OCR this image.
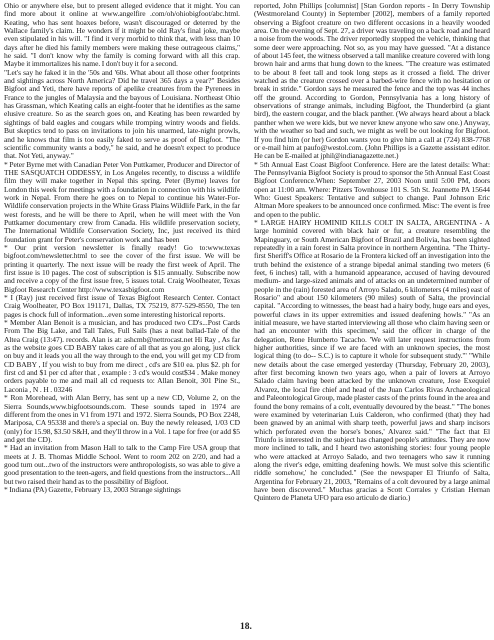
Ohio or anywhere else, but to present alleged evidence that it might. You can find more about it online at www.angelfire .com/oh/ohiobigfoot/abc.html. Keating, who has sent hoaxes before, wasn't discouraged or deterred by the Wallace family's claim. He wonders if it might be old Ray's final joke, maybe even stipulated in his will. "I find it very morbid to think that, with less than 10 days after he died his family members were making these outrageous claims," he said. "I don't know why the family is coming forward with all this crap. Maybe it immortalizes his name. I don't buy it for a second.

"Let's say he faked it in the '50s and '60s. What about all those other footprints and sightings across North America? Did he travel 365 days a year?" Besides Bigfoot and Yeti, there have reports of apelike creatures from the Pyrenees in France to the jungles of Malaysia and the bayous of Louisiana. Northeast Ohio has Grassman, which Keating calls an eight-footer that he identifies as the same elusive creature. So as the search goes on, and Keating has been rewarded by sightings of bald eagles and cougars while tromping wintry woods and fields. But skeptics tend to pass on invitations to join his unarmed, late-night prowls, and he knows that film is too easily faked to serve as proof of Bigfoot. "The scientific community wants a body," he said, and he doesn't expect to produce that. Not Yeti, anyway."

* Peter Byrne met with Canadian Peter Von Puttkamer, Producer and Director of THE SASQUATCH ODDESSY, in Los Angeles recently, to discuss a wildlife film they will make together in Nepal this spring. Peter (Byrne) leaves for London this week for meetings with a foundation in connection with his wildlife work in Nepal. From there he goes on to Nepal to continue his Water-For-Wildlife conservation projects in the White Grass Plains Wildlife Park, in the far west forests, and he will be there to April, when he will meet with the Von Puttkamer documentary crew from Canada. His wildlife preservation society, The International Wildlife Conservation Society, Inc, just received its third foundation grant for Peter's conservation work and has been

* Our print version newsletter is finally ready! Go to:www.texas bigfoot.com/newsletter.html to see the cover of the first issue. We will be printing it quarterly. The next issue will be ready the first week of April. The first issue is 10 pages. The cost of subscription is $15 annually. Subscribe now and receive a copy of the first issue free, 5 issues total. Craig Woolheater, Texas Bigfoot Research Center http://www.texasbigfoot.com

* I (Ray) just received first issue of Texas Bigfoot Research Center. Contact Craig Woolheater, PO Box 191171, Dallas, TX 75219, 877-529-8550, The ten pages is chock full of information...even some interesting historical reports.

* Member Alan Benoit is a musician, and has produced two CD's...Post Cards From The Big Lake, and Tall Tales, Full Sails (has a neat ballad-Tale of the Altea Craig (13:47). records. Alan is at: ashcmb@nettrocast.net Hi Ray , As far as the website goes CD BABY takes care of all that as you go along, just click on buy and it leads you all the way through to the end, you will get my CD from CD BABY , If you wish to buy from me direct , cd's are $10 ea. plus $2. ph for first cd and $1 per cd after that , example : 3 cd's would cost$34 . Make money orders payable to me and mail all cd requests to: Allan Benoit, 301 Pine St., Laconia , N . H . 03246

* Ron Morehead, with Alan Berry, has sent up a new CD, Volume 2, on the Sierra Sounds,www.bigfootsounds.com. These sounds taped in 1974 are different from the ones in V1 from 1971 and 1972. Sierra Sounds, PO Box 2248, Mariposa, CA 95338 and there's a special on. Buy the newly released, 1/03 CD (only) for 15.98, $3.50 S&H, and they'll throw in a Vol. 1 tape for free (or add $5 and get the CD).

* Had an invitation from Mason Hall to talk to the Camp Fire USA group that meets at J. B. Thomas Middle School. Went to room 202 on 2/20, and had a good turn out...two of the instructors were anthropologists, so was able to give a good presentation to the teen-agers, and field questions from the instructors...All but two raised their hand as to the possibility of Bigfoot.

* Indiana (PA) Gazette, February 13, 2003 Strange sightings

18.

reported, John Phillips [columnist] [Stan Gordon reports - In Derry Township (Westmoreland County) in September [2002], members of a family reported observing a Bigfoot creature on two different occasions in a heavily wooded area. On the evening of Sept. 27, a driver was traveling on a back road and heard a noise from the woods. The driver reportedly stopped the vehicle, thinking that some deer were approaching. Not so, as you may have guessed. "At a distance of about 145 feet, the witness observed a tall manlike creature covered with long brown hair and arms that hung down to the knees. "The creature was estimated to be about 8 feet tall and took long steps as it crossed a field. The driver watched as the creature crossed over a barbed-wire fence with no hesitation or break in stride." Gordon says he measured the fence and the top was 44 inches off the ground. According to Gordon, Pennsylvania has a long history of observations of strange animals, including Bigfoot, the Thunderbird (a giant bird), the eastern cougar, and the black panther. (We always heard about a black panther when we were kids, but we never knew anyone who saw one.) Anyway, with the weather so bad and such, we might as well be out looking for Bigfoot. If you find him (or her) Gordon wants you to give him a call at (724) 838-7768 or e-mail him at paufo@westol.com. (John Phillips is a Gazette assistant editor. He can be E-mailed at jphil@indianagazette.net.)

* 5th Annual East Coast Bigfoot Conference. Here are the latest details: What: The Pennsylvania Bigfoot Society is proud to sponsor the 5th Annual East Coast Bigfoot Conference.When: September 27, 2003 Noon until 5:00 PM, doors open at 11:00 am. Where: Pitzers Townhouse 101 S. 5th St. Jeannette PA 15644 Who: Guest Speakers: Tentative and subject to change. Paul Johnson Eric Altman More speakers to be announced once confirmed. Misc: The event is free and open to the public.

* LARGE HAIRY HOMINID KILLS COLT IN SALTA, ARGENTINA - A large hominid covered with black hair or fur, a creature resembling the Mapinguary, or South American Bigfoot of Brazil and Bolivia, has been sighted repeatedly in a rain forest in Salta province in northern Argentina. "The Thirty-first Sheriff's Office at Rosario de la Frontera kicked off an investigation into the truth behind the existence of a strange bipedal animal standing two meters (6 feet, 6 inches) tall, with a humanoid appearance, accused of having devoured medium- and large-sized animals and of attacks on an undetermined number of people in the (rain) forested area of Arroyo Salado, 6 kilometers (4 miles) east of Rosario" and about 150 kilometers (90 miles) south of Salta, the provincial capital. "According to witnesses, the beast had a hairy body, huge ears and eyes, powerful claws in its upper extremities and issued deafening howls." "As an initial measure, we have started interviewing all those who claim having seen or had an encounter with this specimen,' said the officer in charge of the delegation, Rene Humberto Tacacho. 'We will later request instructions from higher authorities, since if we are faced with an unknown species, the most logical thing (to do-- S.C.) is to capture it whole for subsequent study.'" "While new details about the case emerged yesterday (Thursday, February 20, 2003), after first becoming known two years ago, when a pair of lovers at Arroyo Salado claim having been attacked by the unknown creature, Jose Exequiel Alvarez, the local fire chief and head of the Juan Carlos Rivas Archaeological and Paleontological Group, made plaster casts of the prints found in the area and found the bony remains of a colt, eventually devoured by the beast." "The bones were examined by veterinarian Luis Calderon, who confirmed (that) they had been gnawed by an animal with sharp teeth, powerful jaws and sharp incisors which perforated even the horse's bones,' Alvarez said." "The fact that El Triunfo is interested in the subject has changed people's attitudes. They are now more inclined to talk, and I heard two astonishing stories: four young people who were attacked at Arroyo Salado, and two teenagers who saw it running along the river's edge, emitting deafening howls. We must solve this scientific riddle somehow,' he concluded." (See the newspaper El Triunfo of Salta, Argentina for February 21, 2003, "Remains of a colt devoured by a large animal have been discovered." Muchas gracias a Scott Corrales y Cristian Hernan Quintero de Planeta UFO para eso articulo de diario.)
